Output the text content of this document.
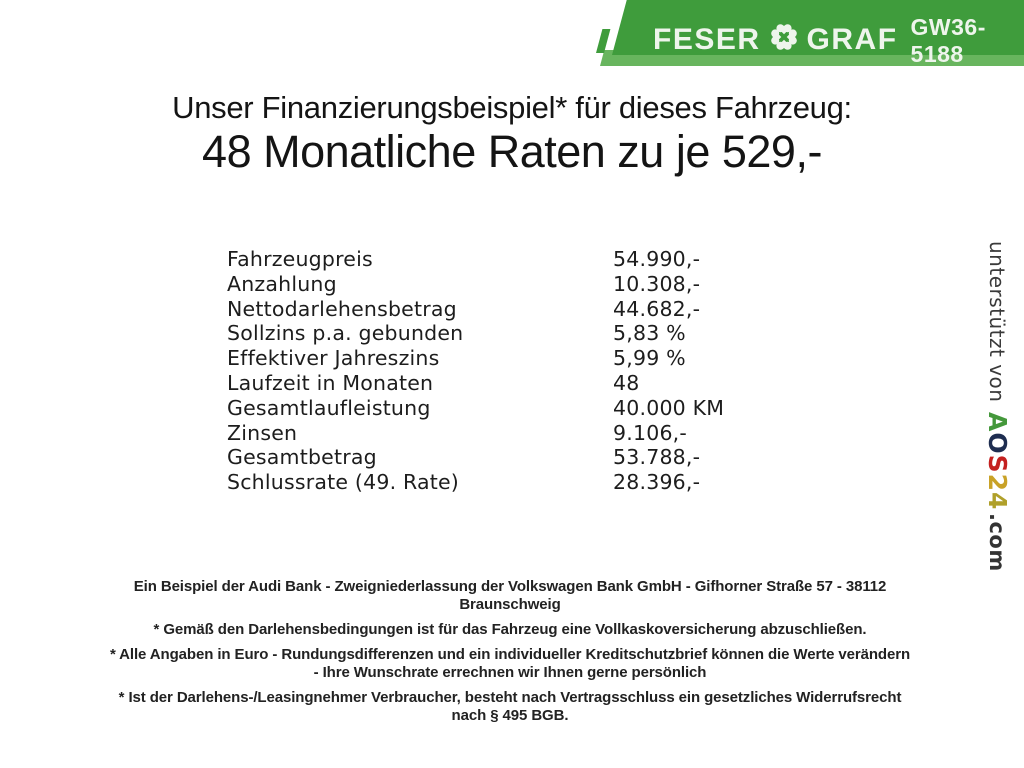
FESER GRAF GW36-5188
Unser Finanzierungsbeispiel* für dieses Fahrzeug:
48 Monatliche Raten zu je 529,-
Fahrzeugpreis	54.990,-
Anzahlung	10.308,-
Nettodarlehensbetrag	44.682,-
Sollzins p.a. gebunden	5,83 %
Effektiver Jahreszins	5,99 %
Laufzeit in Monaten	48
Gesamtlaufleistung	40.000 KM
Zinsen	9.106,-
Gesamtbetrag	53.788,-
Schlussrate (49. Rate)	28.396,-
unterstützt vonAOS24.com
Ein Beispiel der Audi Bank - Zweigniederlassung der Volkswagen Bank GmbH - Gifhorner Straße 57 - 38112
Braunschweig
* Gemäß den Darlehensbedingungen ist für das Fahrzeug eine Vollkaskoversicherung abzuschließen.
* Alle Angaben in Euro - Rundungsdifferenzen und ein individueller Kreditschutzbrief können die Werte verändern
- Ihre Wunschrate errechnen wir Ihnen gerne persönlich
* Ist der Darlehens-/Leasingnehmer Verbraucher, besteht nach Vertragsschluss ein gesetzliches Widerrufsrecht
nach § 495 BGB.
